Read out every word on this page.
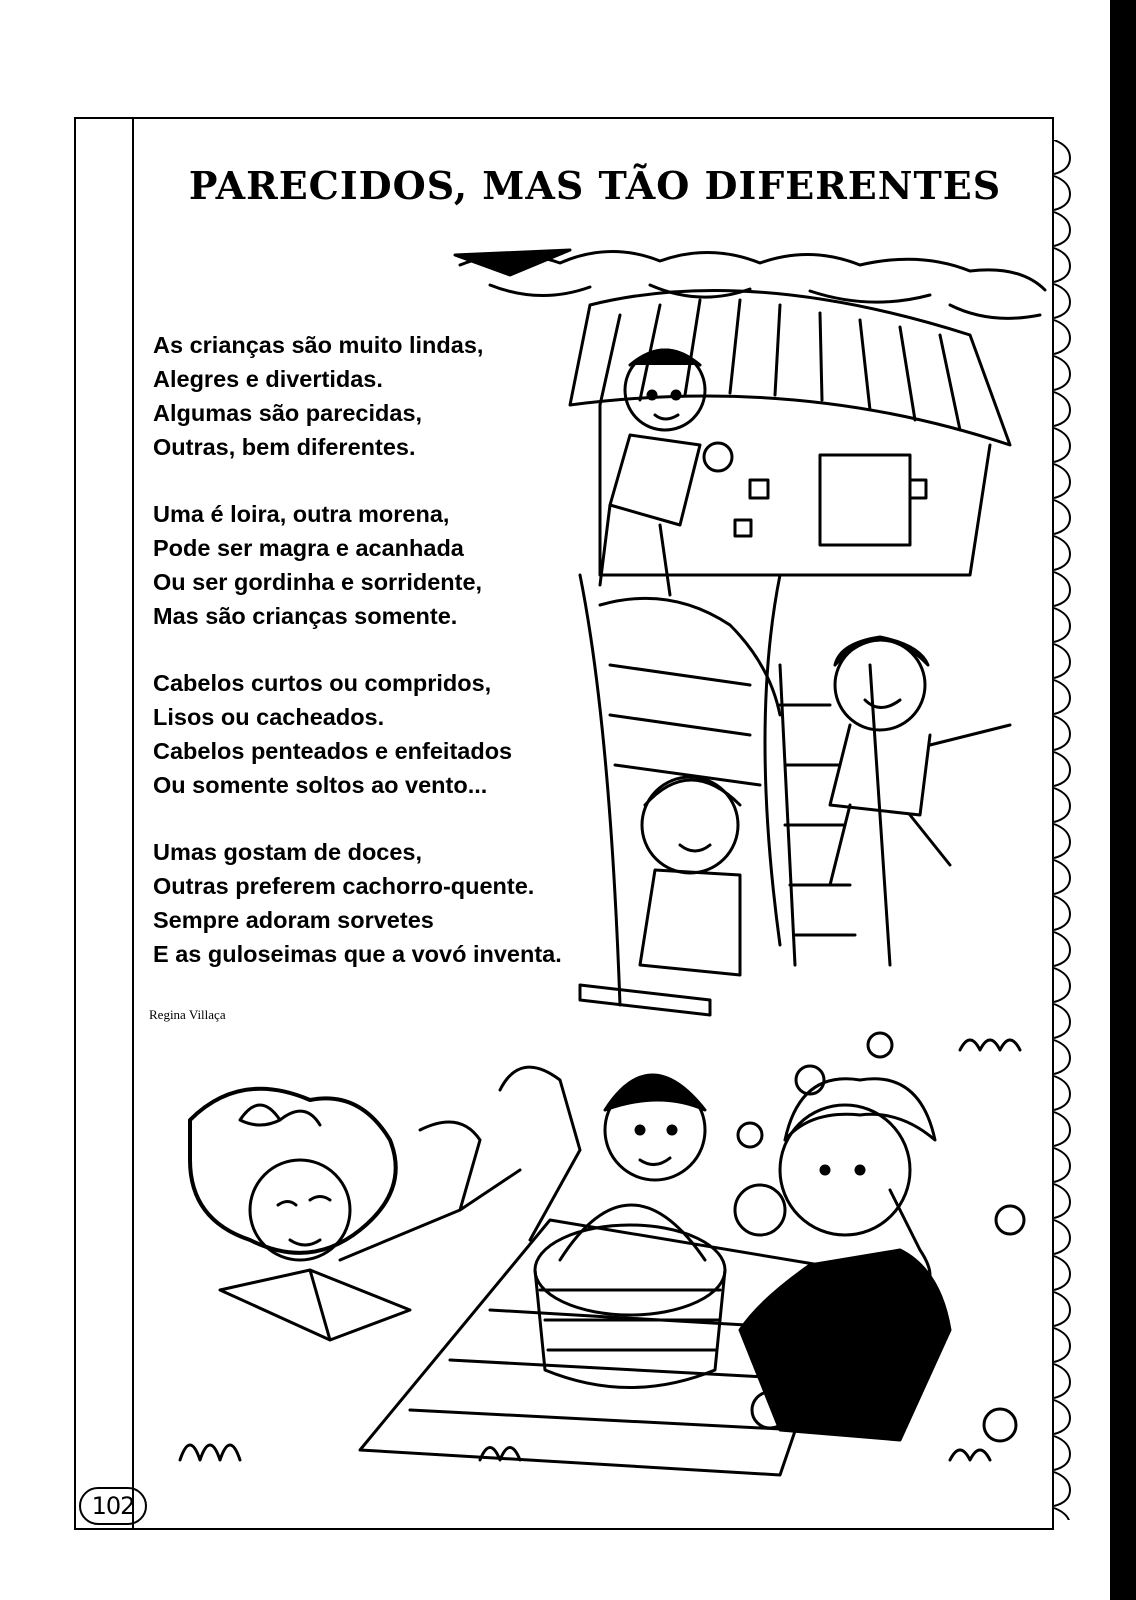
PARECIDOS, MAS TÃO DIFERENTES
As crianças são muito lindas,
Alegres e divertidas.
Algumas são parecidas,
Outras, bem diferentes.
Uma é loira, outra morena,
Pode ser magra e acanhada
Ou ser gordinha e sorridente,
Mas são crianças somente.
Cabelos curtos ou compridos,
Lisos ou cacheados.
Cabelos penteados e enfeitados
Ou somente soltos ao vento...
Umas gostam de doces,
Outras preferem cachorro-quente.
Sempre adoram sorvetes
E as guloseimas que a vovó inventa.
Regina Villaça
102
